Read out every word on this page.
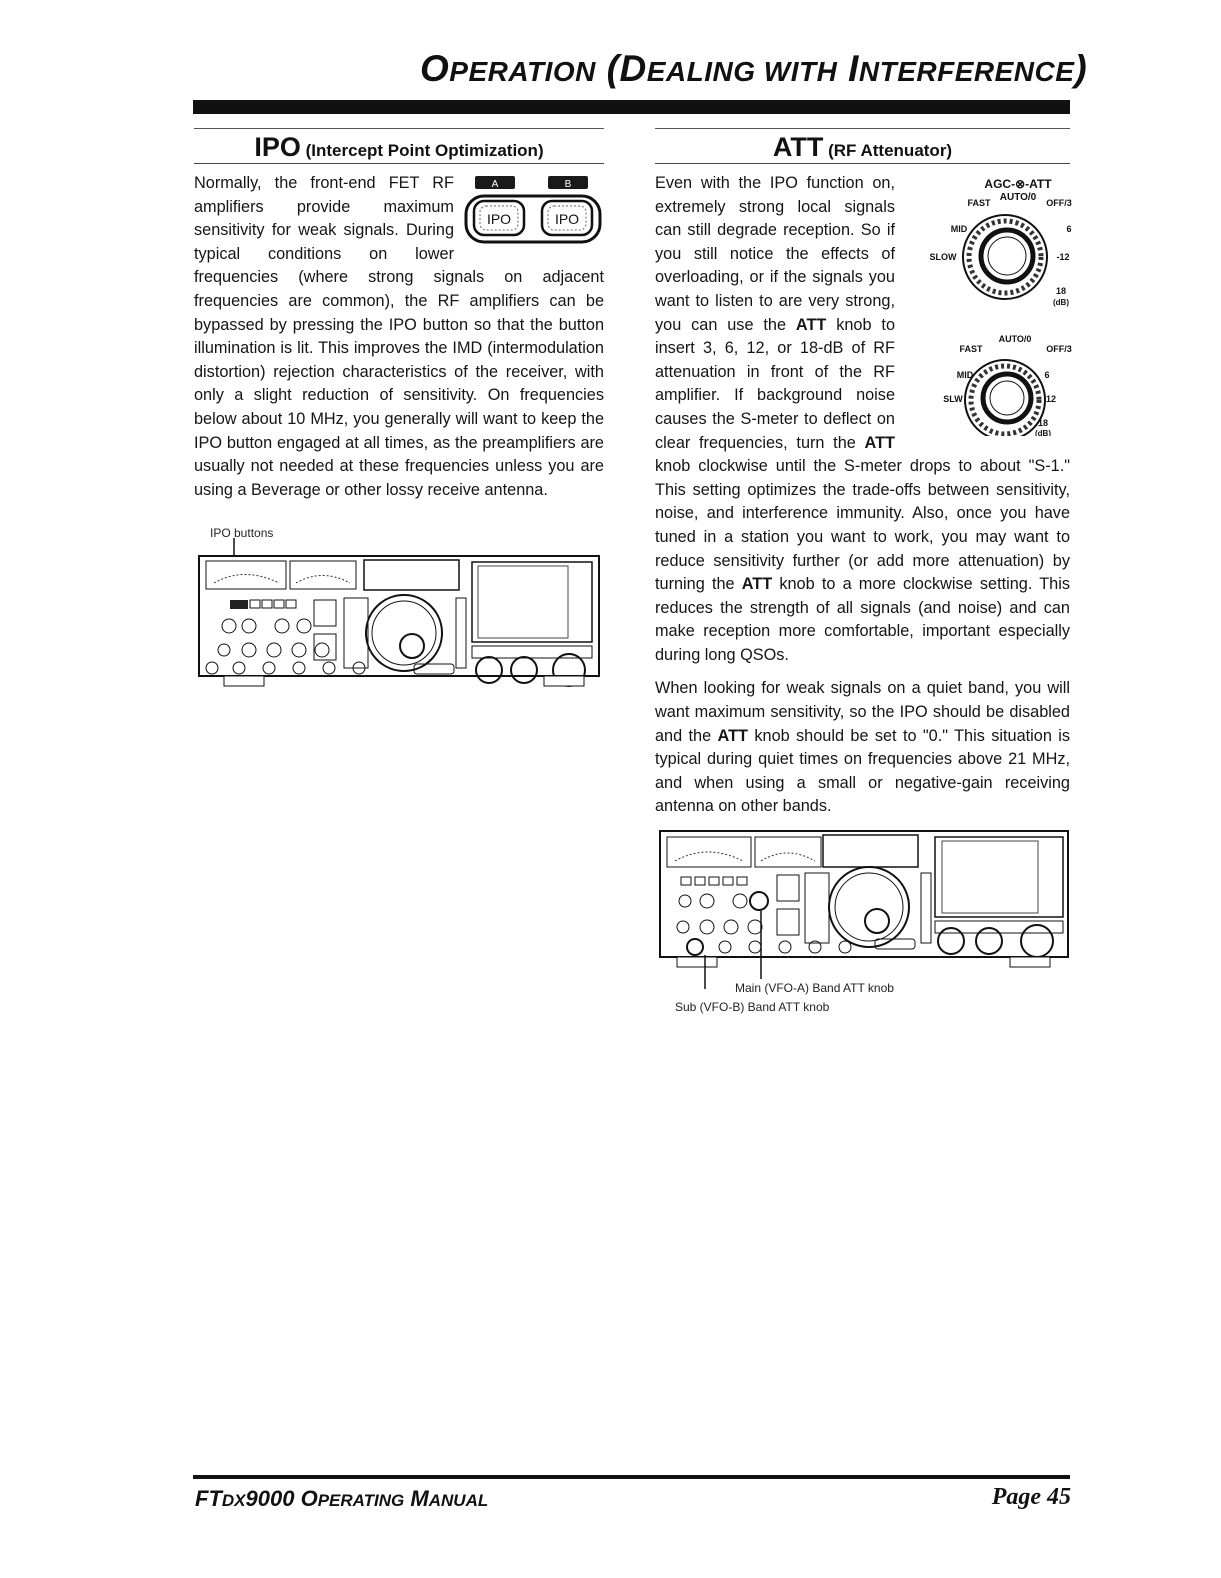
OPERATION (DEALING WITH INTERFERENCE)
IPO (Intercept Point Optimization)
A	B
IPO	IPO

Normally, the front-end FET RF amplifiers provide maximum sensitivity for weak signals. During typical conditions on lower frequencies (where strong signals on adjacent frequencies are common), the RF amplifiers can be bypassed by pressing the IPO button so that the button illumination is lit. This improves the IMD (intermodulation distortion) rejection characteristics of the receiver, with only a slight reduction of sensitivity. On frequencies below about 10 MHz, you generally will want to keep the IPO button engaged at all times, as the preamplifiers are usually not needed at these frequencies unless you are using a Beverage or other lossy receive antenna.

IPO buttons
ATT (RF Attenuator)
AGC-⊗-ATT
AUTO/0
FAST	OFF/3
MID	6
SLOW	-12
18
(dB)
AUTO/0
FAST	OFF/3
MID	6
SLW	12
18
(dB)

Even with the IPO function on, extremely strong local signals can still degrade reception. So if you still notice the effects of overloading, or if the signals you want to listen to are very strong, you can use the ATT knob to insert 3, 6, 12, or 18-dB of RF attenuation in front of the RF amplifier. If background noise causes the S-meter to deflect on clear frequencies, turn the ATT knob clockwise until the S-meter drops to about "S-1." This setting optimizes the trade-offs between sensitivity, noise, and interference immunity. Also, once you have tuned in a station you want to work, you may want to reduce sensitivity further (or add more attenuation) by turning the ATT knob to a more clockwise setting. This reduces the strength of all signals (and noise) and can make reception more comfortable, important especially during long QSOs.

When looking for weak signals on a quiet band, you will want maximum sensitivity, so the IPO should be disabled and the ATT knob should be set to "0." This situation is typical during quiet times on frequencies above 21 MHz, and when using a small or negative-gain receiving antenna on other bands.

Main (VFO-A) Band ATT knob
Sub (VFO-B) Band ATT knob
FTDX9000 OPERATING MANUAL	Page 45
